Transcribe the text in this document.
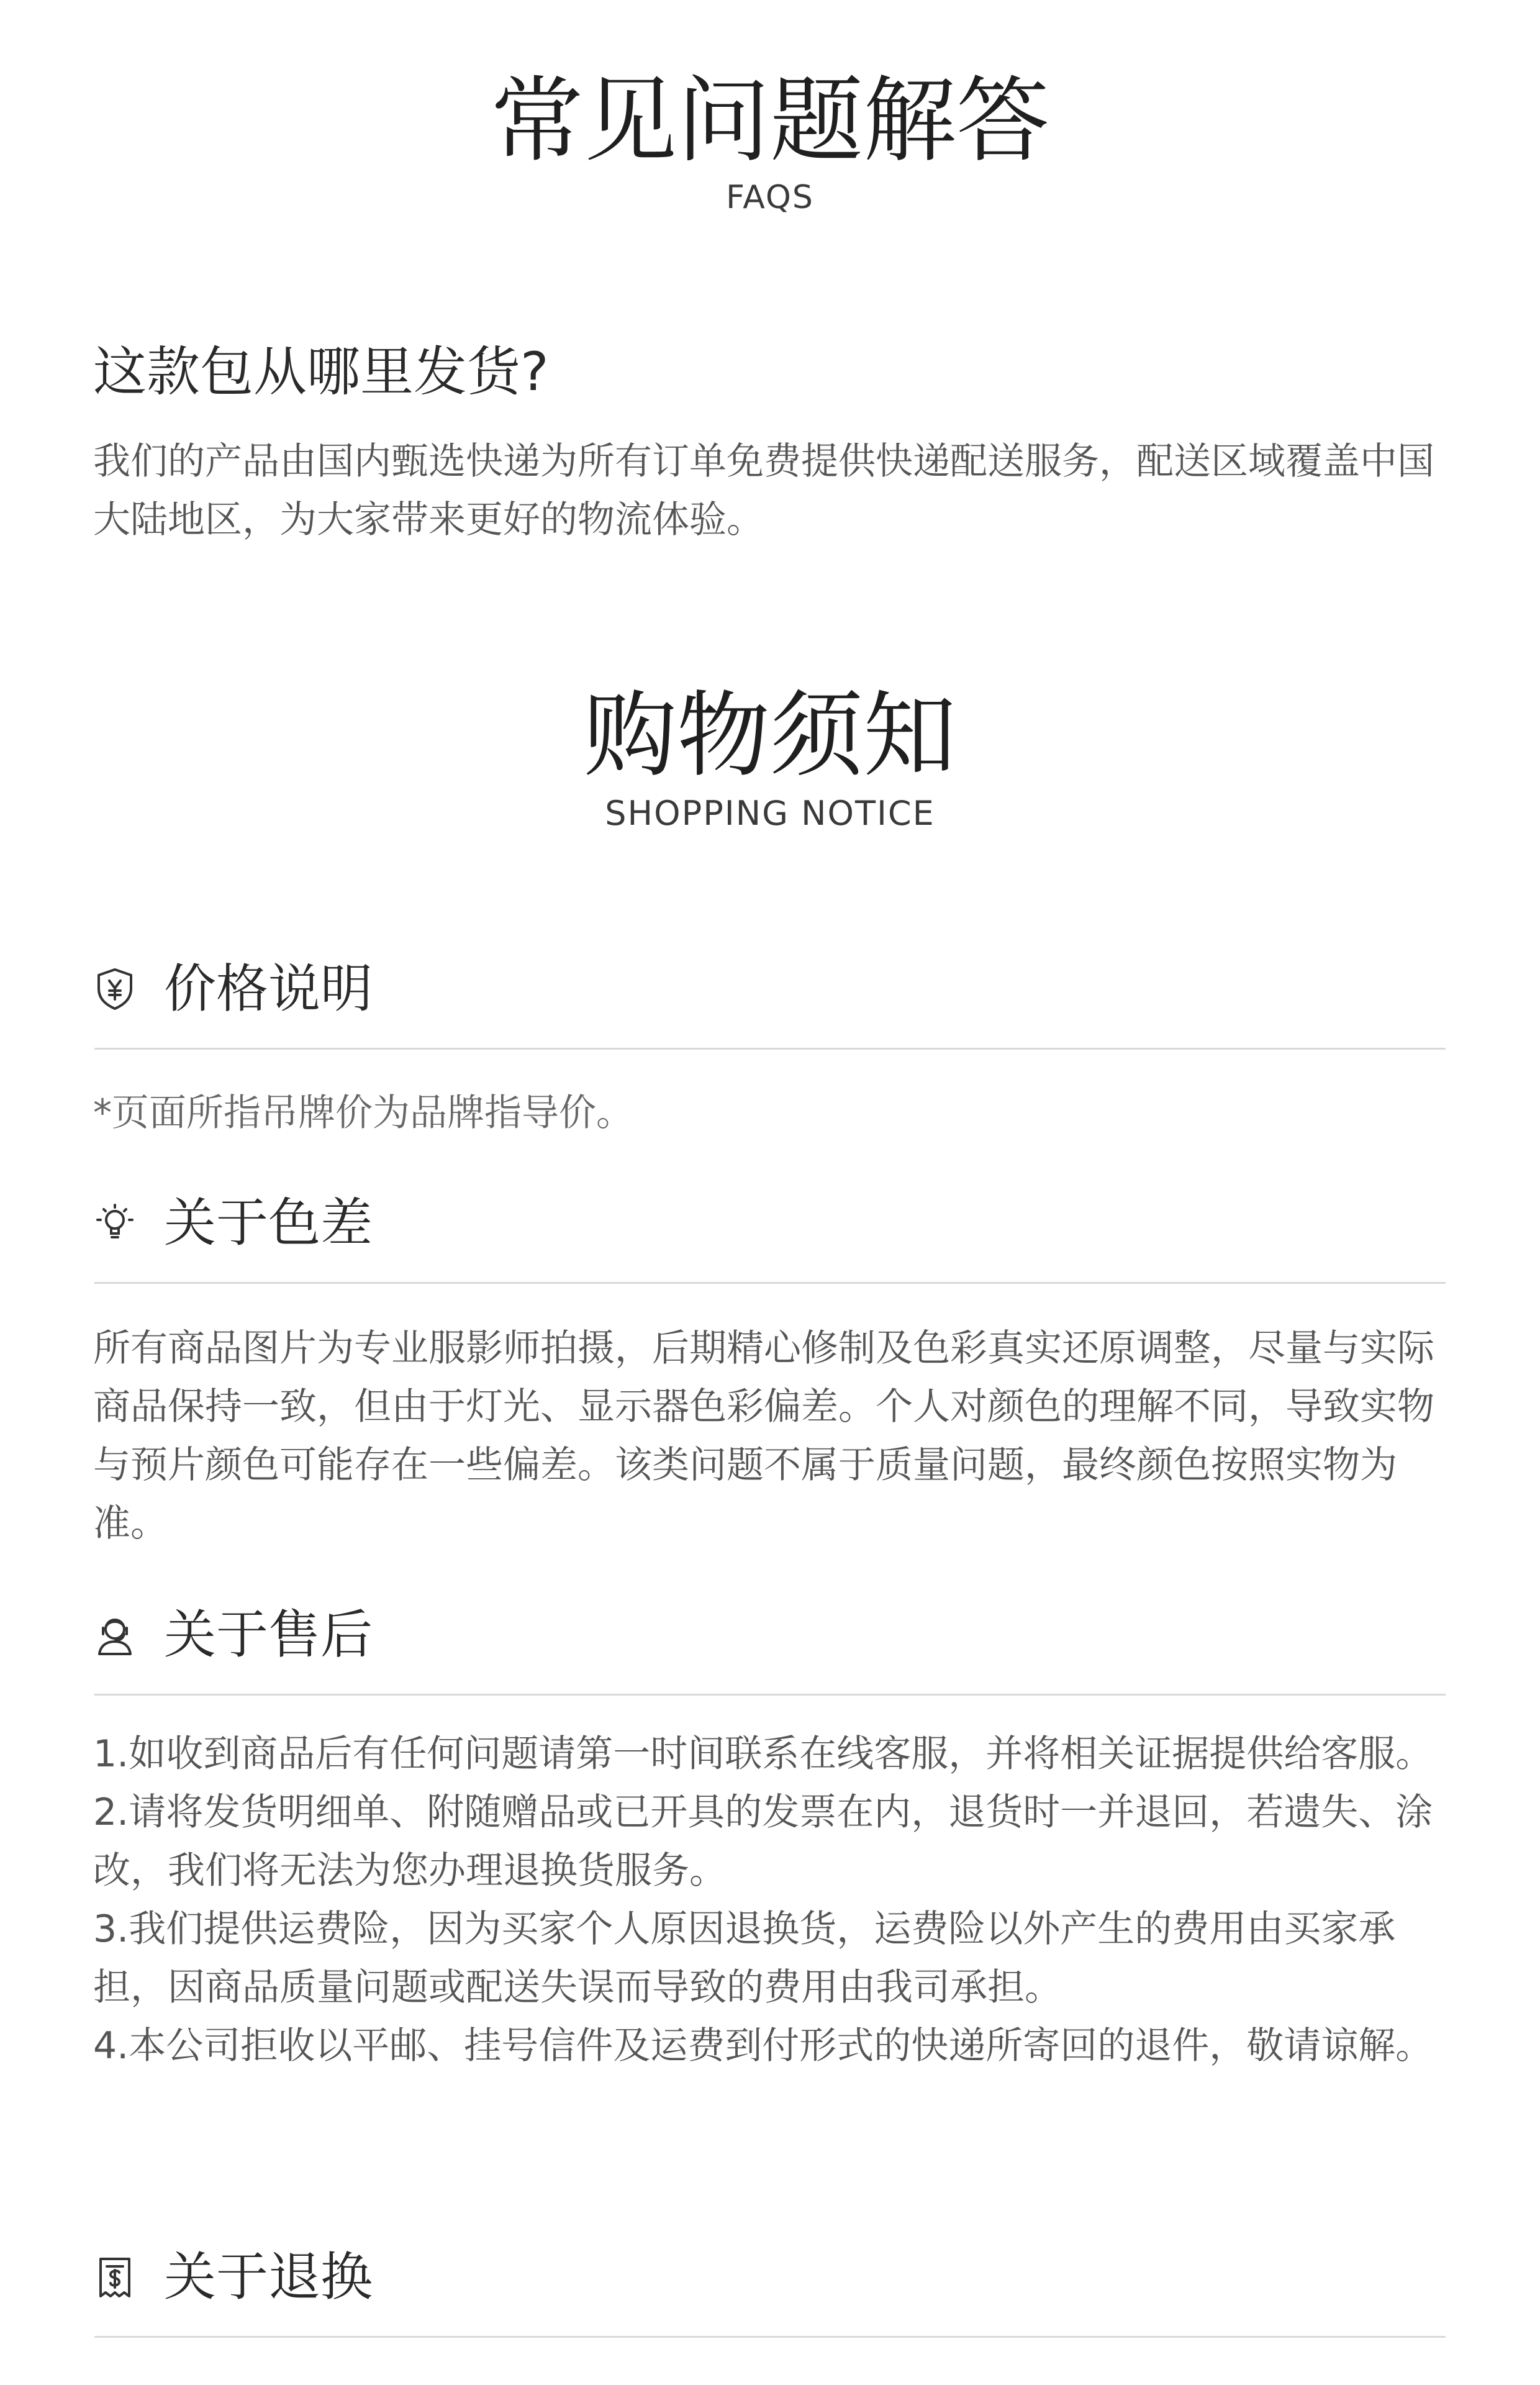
常见问题解答
FAQS
这款包从哪里发货?
我们的产品由国内甄选快递为所有订单免费提供快递配送服务，配送区域覆盖中国大陆地区，为大家带来更好的物流体验。
购物须知
SHOPPING NOTICE
价格说明
*页面所指吊牌价为品牌指导价。
关于色差
所有商品图片为专业服影师拍摄，后期精心修制及色彩真实还原调整，尽量与实际商品保持一致，但由于灯光、显示器色彩偏差。个人对颜色的理解不同，导致实物与预片颜色可能存在一些偏差。该类问题不属于质量问题，最终颜色按照实物为准。
关于售后
1.如收到商品后有任何问题请第一时间联系在线客服，并将相关证据提供给客服。
2.请将发货明细单、附随赠品或已开具的发票在内，退货时一并退回，若遗失、涂改，我们将无法为您办理退换货服务。
3.我们提供运费险，因为买家个人原因退换货，运费险以外产生的费用由买家承担，因商品质量问题或配送失误而导致的费用由我司承担。
4.本公司拒收以平邮、挂号信件及运费到付形式的快递所寄回的退件，敬请谅解。
关于退换
